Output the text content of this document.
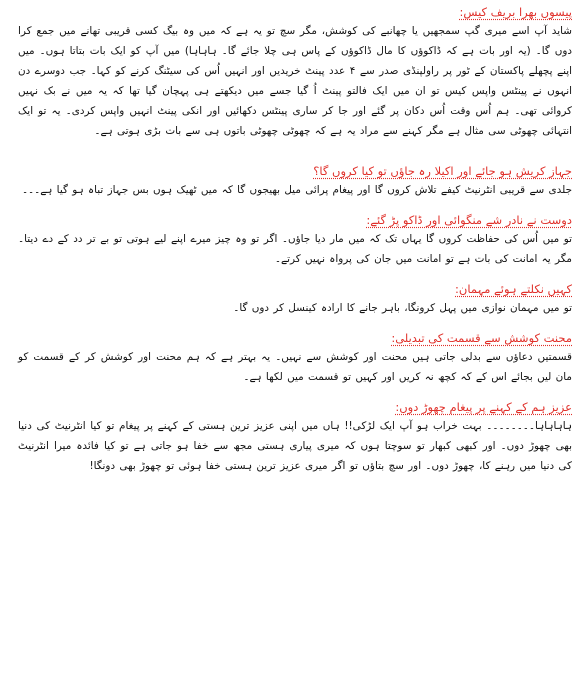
پیسوں بھرا بریف کیس:

شاید آپ اسے میری گپ سمجھیں یا چھانبے کی کوشش، مگر سچ تو یہ ہے کہ میں وہ بیگ کسی قریبی تھانے میں جمع کرا دوں گا۔ (یہ اور بات ہے کہ ڈاکوؤں کا مال ڈاکوؤں کے پاس ہی چلا جائے گا۔ ہاہاہا) میں آپ کو ایک بات بتاتا ہوں۔ میں اپنے پچھلے پاکستان کے ٹور پر راولپنڈی صدر سے ۴ عدد پینٹ خریدیں اور انہیں اُس کی سیٹنگ کرنے کو کہا۔ جب دوسرے دن انہوں نے پینٹس واپس کیس تو ان میں ایک فالتو پینٹ اُ گیا جسے میں دیکھتے ہی پہچان گیا تھا کہ یہ میں نے بک نہیں کروائی تھی۔ ہم اُس وقت اُس دکان پر گئے اور جا کر ساری پینٹس دکھائیں اور انکی پینٹ انہیں واپس کردی۔ یہ تو ایک انتہائی چھوٹی سی مثال ہے مگر کہنے سے مراد یہ ہے کہ چھوٹی چھوٹی باتوں ہی سے بات بڑی ہوتی ہے۔

جہاز کریش ہو جائے اور اکیلا رہ جاؤں تو کیا کروں گا؟

جلدی سے قریبی انٹرنیٹ کیفے تلاش کروں گا اور پیغام پرائی میل بھیجوں گا کہ میں ٹھیک ہوں بس جہاز تباہ ہو گیا ہے۔۔۔

دوست نے نادر شے منگوائی اور ڈاکو پڑ گئے:

تو میں اُس کی حفاظت کروں گا یہاں تک کہ میں مار دیا جاؤں۔ اگر تو وہ چیز میرے اپنے لیے ہوتی تو بے تر دد کے دے دیتا۔ مگر یہ امانت کی بات ہے تو امانت میں جان کی پرواہ نہیں کرتے۔

کہیں نکلتے ہوئے مہمان:

تو میں مہمان نوازی میں پہل کرونگا، باہر جانے کا ارادہ کینسل کر دوں گا۔

محنت کوشش سے قسمت کی تبدیلی:

قسمتیں دعاؤں سے بدلی جاتی ہیں محنت اور کوشش سے نہیں۔ یہ بہتر ہے کہ ہم محنت اور کوشش کر کے قسمت کو مان لیں بجائے اس کے کہ کچھ نہ کریں اور کہیں تو قسمت میں لکھا ہے۔

عزیز ہم کے کہنے پر پیغام چھوڑ دوں:

ہاہاہاہا۔۔۔۔۔۔۔۔ بہت خراب ہو آپ ایک لڑکی!! ہاں میں اپنی عزیز ترین ہستی کے کہنے پر پیغام تو کیا انٹرنیٹ کی دنیا بھی چھوڑ دوں۔ اور کبھی کبھار تو سوچتا ہوں کہ میری پیاری ہستی مجھ سے خفا ہو جاتی ہے تو کیا فائدہ میرا انٹرنیٹ کی دنیا میں رہنے کا، چھوڑ دوں۔ اور سچ بتاؤں تو اگر میری عزیز ترین ہستی خفا ہوئی تو چھوڑ بھی دونگا!
